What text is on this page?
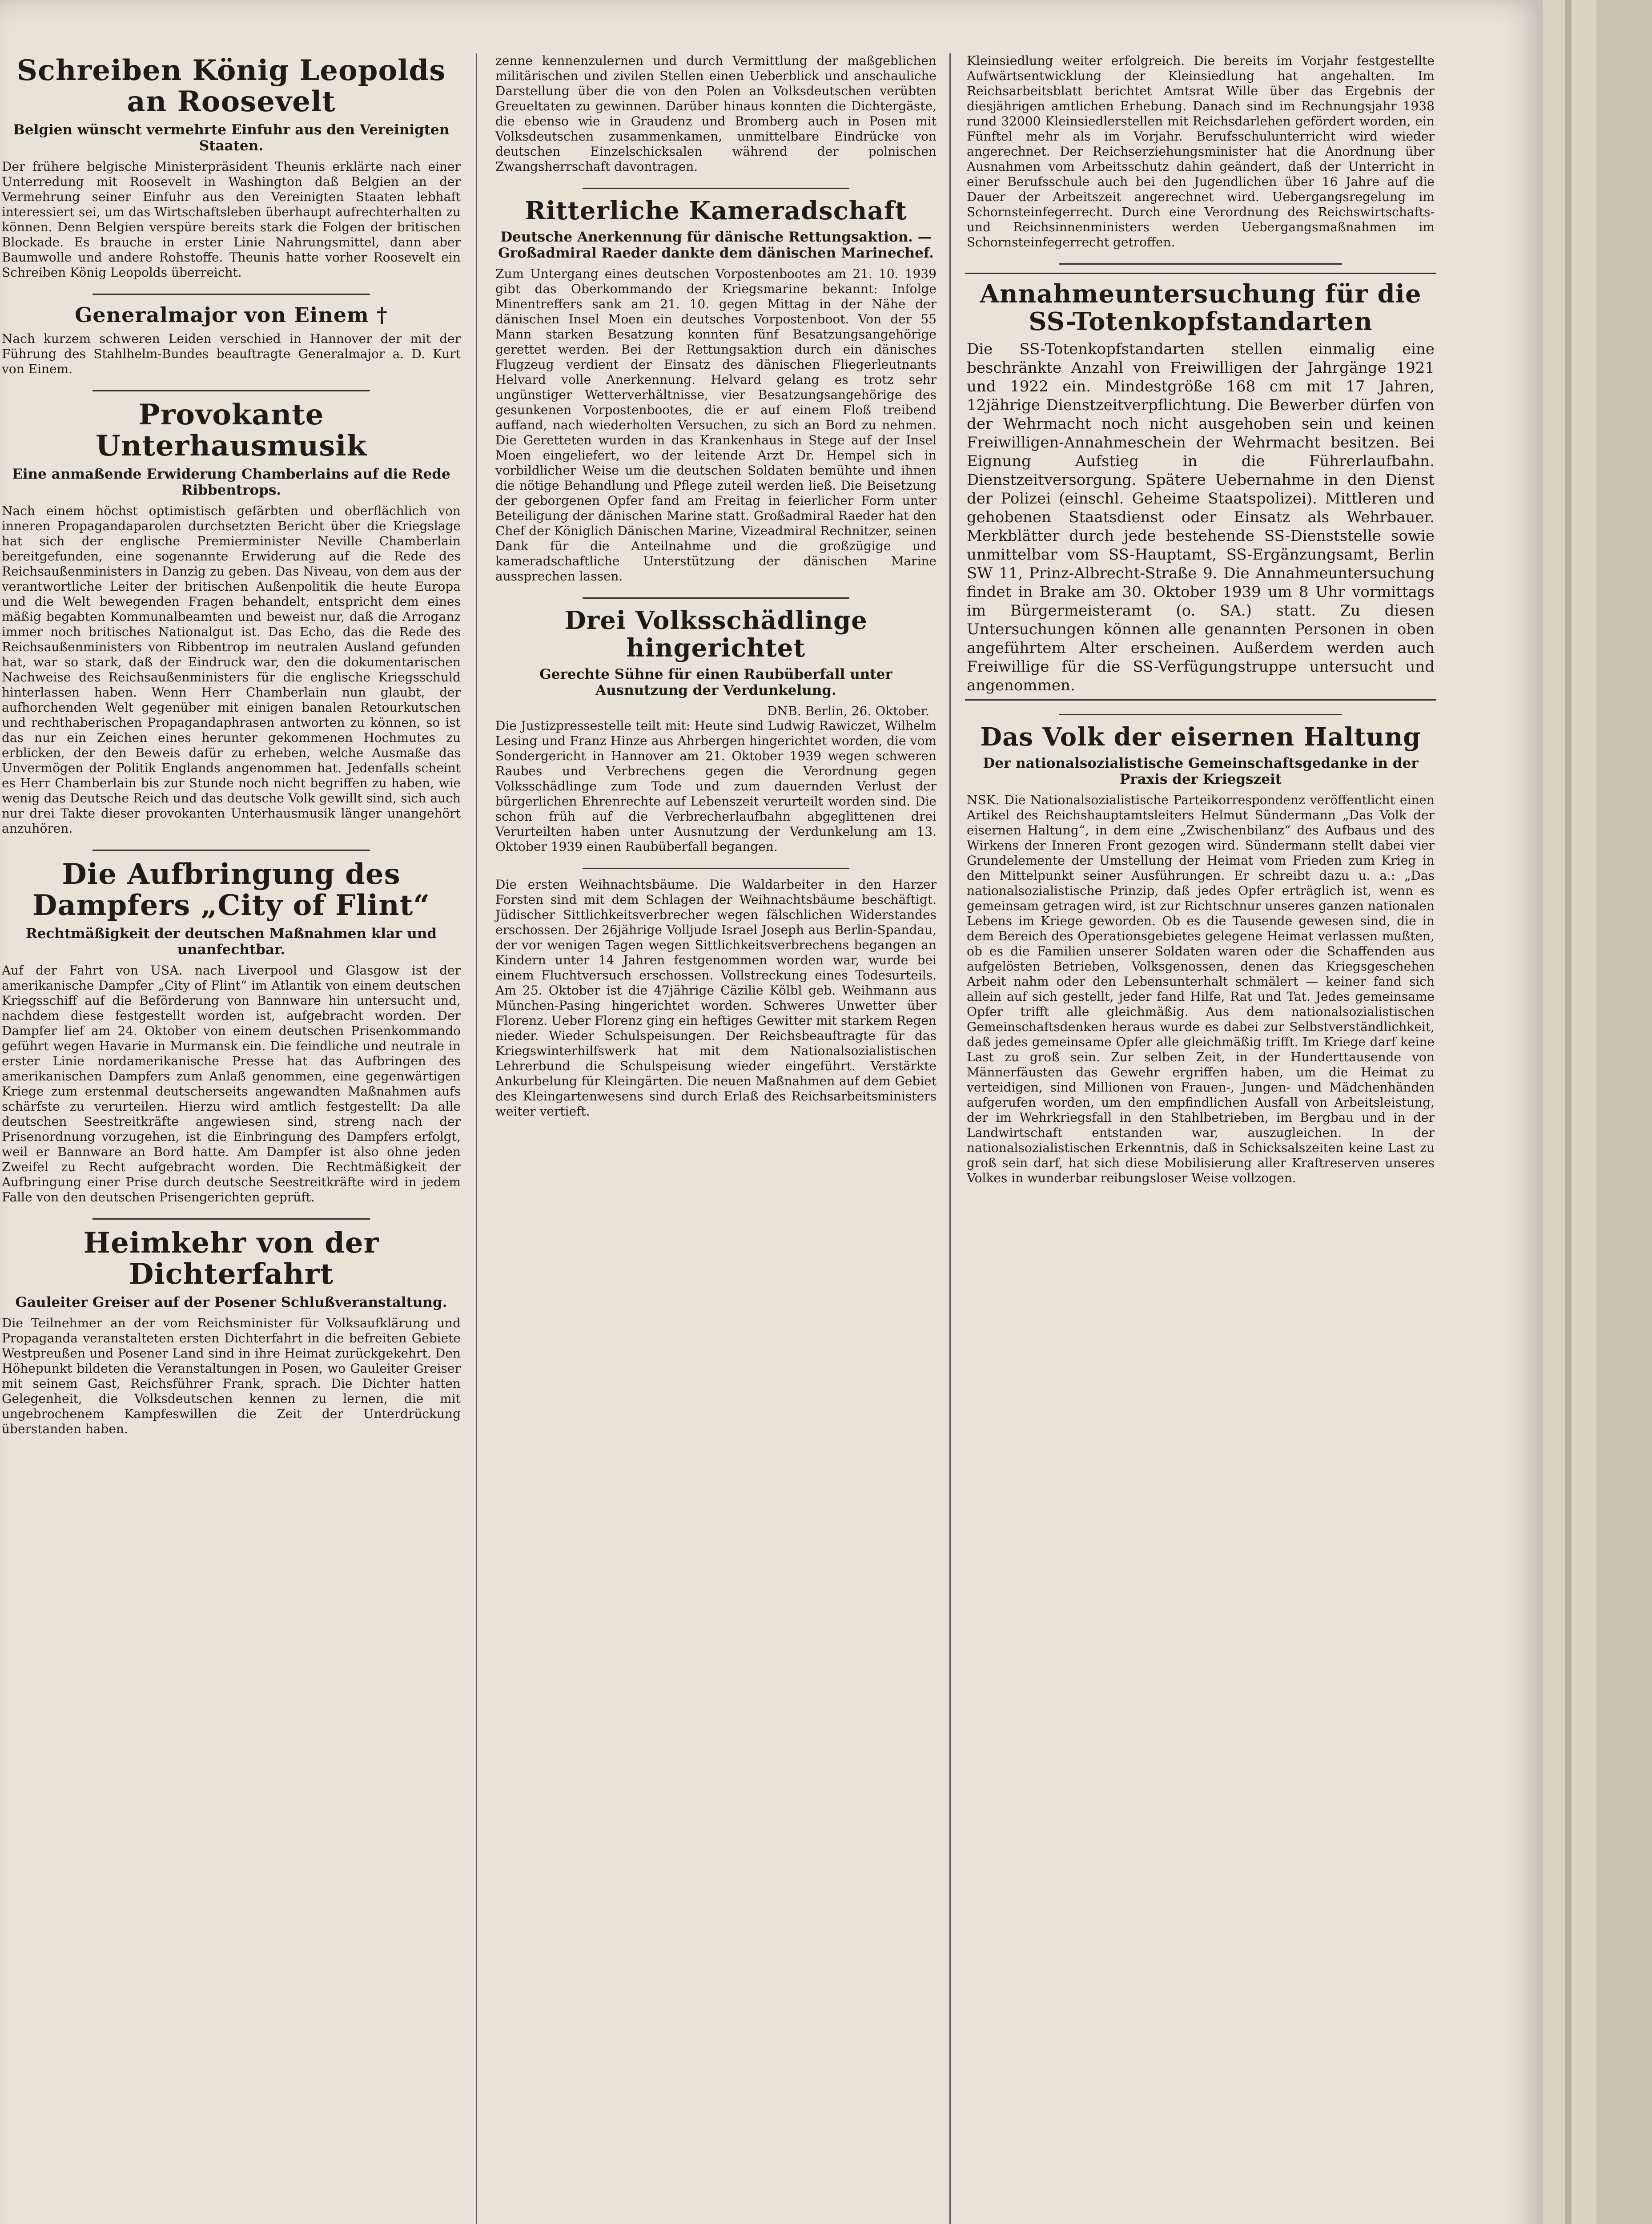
Schreiben König Leopolds an Roosevelt
Belgien wünscht vermehrte Einfuhr aus den Vereinigten Staaten.
Der frühere belgische Ministerpräsident Theunis erklärte nach einer Unterredung mit Roosevelt in Washington daß Belgien an der Vermehrung seiner Einfuhr aus den Vereinigten Staaten lebhaft interessiert sei, um das Wirtschaftsleben überhaupt aufrechterhalten zu können. Denn Belgien verspüre bereits stark die Folgen der britischen Blockade. Es brauche in erster Linie Nahrungsmittel, dann aber Baumwolle und andere Rohstoffe. Theunis hatte vorher Roosevelt ein Schreiben König Leopolds überreicht.
Generalmajor von Einem †
Nach kurzem schweren Leiden verschied in Hannover der mit der Führung des Stahlhelm-Bundes beauftragte Generalmajor a. D. Kurt von Einem.
Provokante Unterhausmusik
Eine anmaßende Erwiderung Chamberlains auf die Rede Ribbentrops.
Nach einem höchst optimistisch gefärbten und oberflächlich von inneren Propagandaparolen durchsetzten Bericht über die Kriegslage hat sich der englische Premierminister Neville Chamberlain bereitgefunden, eine sogenannte Erwiderung auf die Rede des Reichsaußenministers in Danzig zu geben. Das Niveau, von dem aus der verantwortliche Leiter der britischen Außenpolitik die heute Europa und die Welt bewegenden Fragen behandelt, entspricht dem eines mäßig begabten Kommunalbeamten und beweist nur, daß die Arroganz immer noch britisches Nationalgut ist. Das Echo, das die Rede des Reichsaußenministers von Ribbentrop im neutralen Ausland gefunden hat, war so stark, daß der Eindruck war, den die dokumentarischen Nachweise des Reichsaußenministers für die englische Kriegsschuld hinterlassen haben. Wenn Herr Chamberlain nun glaubt, der aufhorchenden Welt gegenüber mit einigen banalen Retourkutschen und rechthaberischen Propagandaphrasen antworten zu können, so ist das nur ein Zeichen eines herunter gekommenen Hochmutes zu erblicken, der den Beweis dafür zu erheben, welche Ausmaße das Unvermögen der Politik Englands angenommen hat. Jedenfalls scheint es Herr Chamberlain bis zur Stunde noch nicht begriffen zu haben, wie wenig das Deutsche Reich und das deutsche Volk gewillt sind, sich auch nur drei Takte dieser provokanten Unterhausmusik länger unangehört anzuhören.
Die Aufbringung des Dampfers „City of Flint“
Rechtmäßigkeit der deutschen Maßnahmen klar und unanfechtbar.
Auf der Fahrt von USA. nach Liverpool und Glasgow ist der amerikanische Dampfer „City of Flint“ im Atlantik von einem deutschen Kriegsschiff auf die Beförderung von Bannware hin untersucht und, nachdem diese festgestellt worden ist, aufgebracht worden. Der Dampfer lief am 24. Oktober von einem deutschen Prisenkommando geführt wegen Havarie in Murmansk ein. Die feindliche und neutrale in erster Linie nordamerikanische Presse hat das Aufbringen des amerikanischen Dampfers zum Anlaß genommen, eine gegenwärtigen Kriege zum erstenmal deutscherseits angewandten Maßnahmen aufs schärfste zu verurteilen. Hierzu wird amtlich festgestellt: Da alle deutschen Seestreitkräfte angewiesen sind, streng nach der Prisenordnung vorzugehen, ist die Einbringung des Dampfers erfolgt, weil er Bannware an Bord hatte. Am Dampfer ist also ohne jeden Zweifel zu Recht aufgebracht worden. Die Rechtmäßigkeit der Aufbringung einer Prise durch deutsche Seestreitkräfte wird in jedem Falle von den deutschen Prisengerichten geprüft.
Heimkehr von der Dichterfahrt
Gauleiter Greiser auf der Posener Schlußveranstaltung.
Die Teilnehmer an der vom Reichsminister für Volksaufklärung und Propaganda veranstalteten ersten Dichterfahrt in die befreiten Gebiete Westpreußen und Posener Land sind in ihre Heimat zurückgekehrt. Den Höhepunkt bildeten die Veranstaltungen in Posen, wo Gauleiter Greiser mit seinem Gast, Reichsführer Frank, sprach. Die Dichter hatten Gelegenheit, die Volksdeutschen kennen zu lernen, die mit ungebrochenem Kampfeswillen die Zeit der Unterdrückung überstanden haben.
zenne kennenzulernen und durch Vermittlung der maßgeblichen militärischen und zivilen Stellen einen Ueberblick und anschauliche Darstellung über die von den Polen an Volksdeutschen verübten Greueltaten zu gewinnen. Darüber hinaus konnten die Dichtergäste, die ebenso wie in Graudenz und Bromberg auch in Posen mit Volksdeutschen zusammenkamen, unmittelbare Eindrücke von deutschen Einzelschicksalen während der polnischen Zwangsherrschaft davontragen.
Ritterliche Kameradschaft
Deutsche Anerkennung für dänische Rettungsaktion. — Großadmiral Raeder dankte dem dänischen Marinechef.
Zum Untergang eines deutschen Vorpostenbootes am 21. 10. 1939 gibt das Oberkommando der Kriegsmarine bekannt: Infolge Minentreffers sank am 21. 10. gegen Mittag in der Nähe der dänischen Insel Moen ein deutsches Vorpostenboot. Von der 55 Mann starken Besatzung konnten fünf Besatzungsangehörige gerettet werden. Bei der Rettungsaktion durch ein dänisches Flugzeug verdient der Einsatz des dänischen Fliegerleutnants Helvard volle Anerkennung. Helvard gelang es trotz sehr ungünstiger Wetterverhältnisse, vier Besatzungsangehörige des gesunkenen Vorpostenbootes, die er auf einem Floß treibend auffand, nach wiederholten Versuchen, zu sich an Bord zu nehmen. Die Geretteten wurden in das Krankenhaus in Stege auf der Insel Moen eingeliefert, wo der leitende Arzt Dr. Hempel sich in vorbildlicher Weise um die deutschen Soldaten bemühte und ihnen die nötige Behandlung und Pflege zuteil werden ließ. Die Beisetzung der geborgenen Opfer fand am Freitag in feierlicher Form unter Beteiligung der dänischen Marine statt. Großadmiral Raeder hat den Chef der Königlich Dänischen Marine, Vizeadmiral Rechnitzer, seinen Dank für die Anteilnahme und die großzügige und kameradschaftliche Unterstützung der dänischen Marine aussprechen lassen.
Drei Volksschädlinge hingerichtet
Gerechte Sühne für einen Raubüberfall unter Ausnutzung der Verdunkelung.
DNB. Berlin, 26. Oktober.
Die Justizpressestelle teilt mit: Heute sind Ludwig Rawiczet, Wilhelm Lesing und Franz Hinze aus Ahrbergen hingerichtet worden, die vom Sondergericht in Hannover am 21. Oktober 1939 wegen schweren Raubes und Verbrechens gegen die Verordnung gegen Volksschädlinge zum Tode und zum dauernden Verlust der bürgerlichen Ehrenrechte auf Lebenszeit verurteilt worden sind. Die schon früh auf die Verbrecherlaufbahn abgeglittenen drei Verurteilten haben unter Ausnutzung der Verdunkelung am 13. Oktober 1939 einen Raubüberfall begangen.
Die ersten Weihnachtsbäume. Die Waldarbeiter in den Harzer Forsten sind mit dem Schlagen der Weihnachtsbäume beschäftigt. Jüdischer Sittlichkeitsverbrecher wegen fälschlichen Widerstandes erschossen. Der 26jährige Volljude Israel Joseph aus Berlin-Spandau, der vor wenigen Tagen wegen Sittlichkeitsverbrechens begangen an Kindern unter 14 Jahren festgenommen worden war, wurde bei einem Fluchtversuch erschossen. Vollstreckung eines Todesurteils. Am 25. Oktober ist die 47jährige Cäzilie Kölbl geb. Weihmann aus München-Pasing hingerichtet worden. Schweres Unwetter über Florenz. Ueber Florenz ging ein heftiges Gewitter mit starkem Regen nieder. Wieder Schulspeisungen. Der Reichsbeauftragte für das Kriegswinterhilfswerk hat mit dem Nationalsozialistischen Lehrerbund die Schulspeisung wieder eingeführt. Verstärkte Ankurbelung für Kleingärten. Die neuen Maßnahmen auf dem Gebiet des Kleingartenwesens sind durch Erlaß des Reichsarbeitsministers weiter vertieft.
Kleinsiedlung weiter erfolgreich. Die bereits im Vorjahr festgestellte Aufwärtsentwicklung der Kleinsiedlung hat angehalten. Im Reichsarbeitsblatt berichtet Amtsrat Wille über das Ergebnis der diesjährigen amtlichen Erhebung. Danach sind im Rechnungsjahr 1938 rund 32000 Kleinsiedlerstellen mit Reichsdarlehen gefördert worden, ein Fünftel mehr als im Vorjahr. Berufsschulunterricht wird wieder angerechnet. Der Reichserziehungsminister hat die Anordnung über Ausnahmen vom Arbeitsschutz dahin geändert, daß der Unterricht in einer Berufsschule auch bei den Jugendlichen über 16 Jahre auf die Dauer der Arbeitszeit angerechnet wird. Uebergangsregelung im Schornsteinfegerrecht. Durch eine Verordnung des Reichswirtschafts- und Reichsinnenministers werden Uebergangsmaßnahmen im Schornsteinfegerrecht getroffen.
Annahmeuntersuchung für die SS-Totenkopfstandarten
Die SS-Totenkopfstandarten stellen einmalig eine beschränkte Anzahl von Freiwilligen der Jahrgänge 1921 und 1922 ein. Mindestgröße 168 cm mit 17 Jahren, 12jährige Dienstzeitverpflichtung. Die Bewerber dürfen von der Wehrmacht noch nicht ausgehoben sein und keinen Freiwilligen-Annahmeschein der Wehrmacht besitzen. Bei Eignung Aufstieg in die Führerlaufbahn. Dienstzeitversorgung. Spätere Uebernahme in den Dienst der Polizei (einschl. Geheime Staatspolizei). Mittleren und gehobenen Staatsdienst oder Einsatz als Wehrbauer. Merkblätter durch jede bestehende SS-Dienststelle sowie unmittelbar vom SS-Hauptamt, SS-Ergänzungsamt, Berlin SW 11, Prinz-Albrecht-Straße 9. Die Annahmeuntersuchung findet in Brake am 30. Oktober 1939 um 8 Uhr vormittags im Bürgermeisteramt (o. SA.) statt. Zu diesen Untersuchungen können alle genannten Personen in oben angeführtem Alter erscheinen. Außerdem werden auch Freiwillige für die SS-Verfügungstruppe untersucht und angenommen.
Das Volk der eisernen Haltung
Der nationalsozialistische Gemeinschaftsgedanke in der Praxis der Kriegszeit
NSK. Die Nationalsozialistische Parteikorrespondenz veröffentlicht einen Artikel des Reichshauptamtsleiters Helmut Sündermann „Das Volk der eisernen Haltung“, in dem eine „Zwischenbilanz“ des Aufbaus und des Wirkens der Inneren Front gezogen wird. Sündermann stellt dabei vier Grundelemente der Umstellung der Heimat vom Frieden zum Krieg in den Mittelpunkt seiner Ausführungen. Er schreibt dazu u. a.: „Das nationalsozialistische Prinzip, daß jedes Opfer erträglich ist, wenn es gemeinsam getragen wird, ist zur Richtschnur unseres ganzen nationalen Lebens im Kriege geworden. Ob es die Tausende gewesen sind, die in dem Bereich des Operationsgebietes gelegene Heimat verlassen mußten, ob es die Familien unserer Soldaten waren oder die Schaffenden aus aufgelösten Betrieben, Volksgenossen, denen das Kriegsgeschehen Arbeit nahm oder den Lebensunterhalt schmälert — keiner fand sich allein auf sich gestellt, jeder fand Hilfe, Rat und Tat. Jedes gemeinsame Opfer trifft alle gleichmäßig. Aus dem nationalsozialistischen Gemeinschaftsdenken heraus wurde es dabei zur Selbstverständlichkeit, daß jedes gemeinsame Opfer alle gleichmäßig trifft. Im Kriege darf keine Last zu groß sein. Zur selben Zeit, in der Hunderttausende von Männerfäusten das Gewehr ergriffen haben, um die Heimat zu verteidigen, sind Millionen von Frauen-, Jungen- und Mädchenhänden aufgerufen worden, um den empfindlichen Ausfall von Arbeitsleistung, der im Wehrkriegsfall in den Stahlbetrieben, im Bergbau und in der Landwirtschaft entstanden war, auszugleichen. In der nationalsozialistischen Erkenntnis, daß in Schicksalszeiten keine Last zu groß sein darf, hat sich diese Mobilisierung aller Kraftreserven unseres Volkes in wunderbar reibungsloser Weise vollzogen.
